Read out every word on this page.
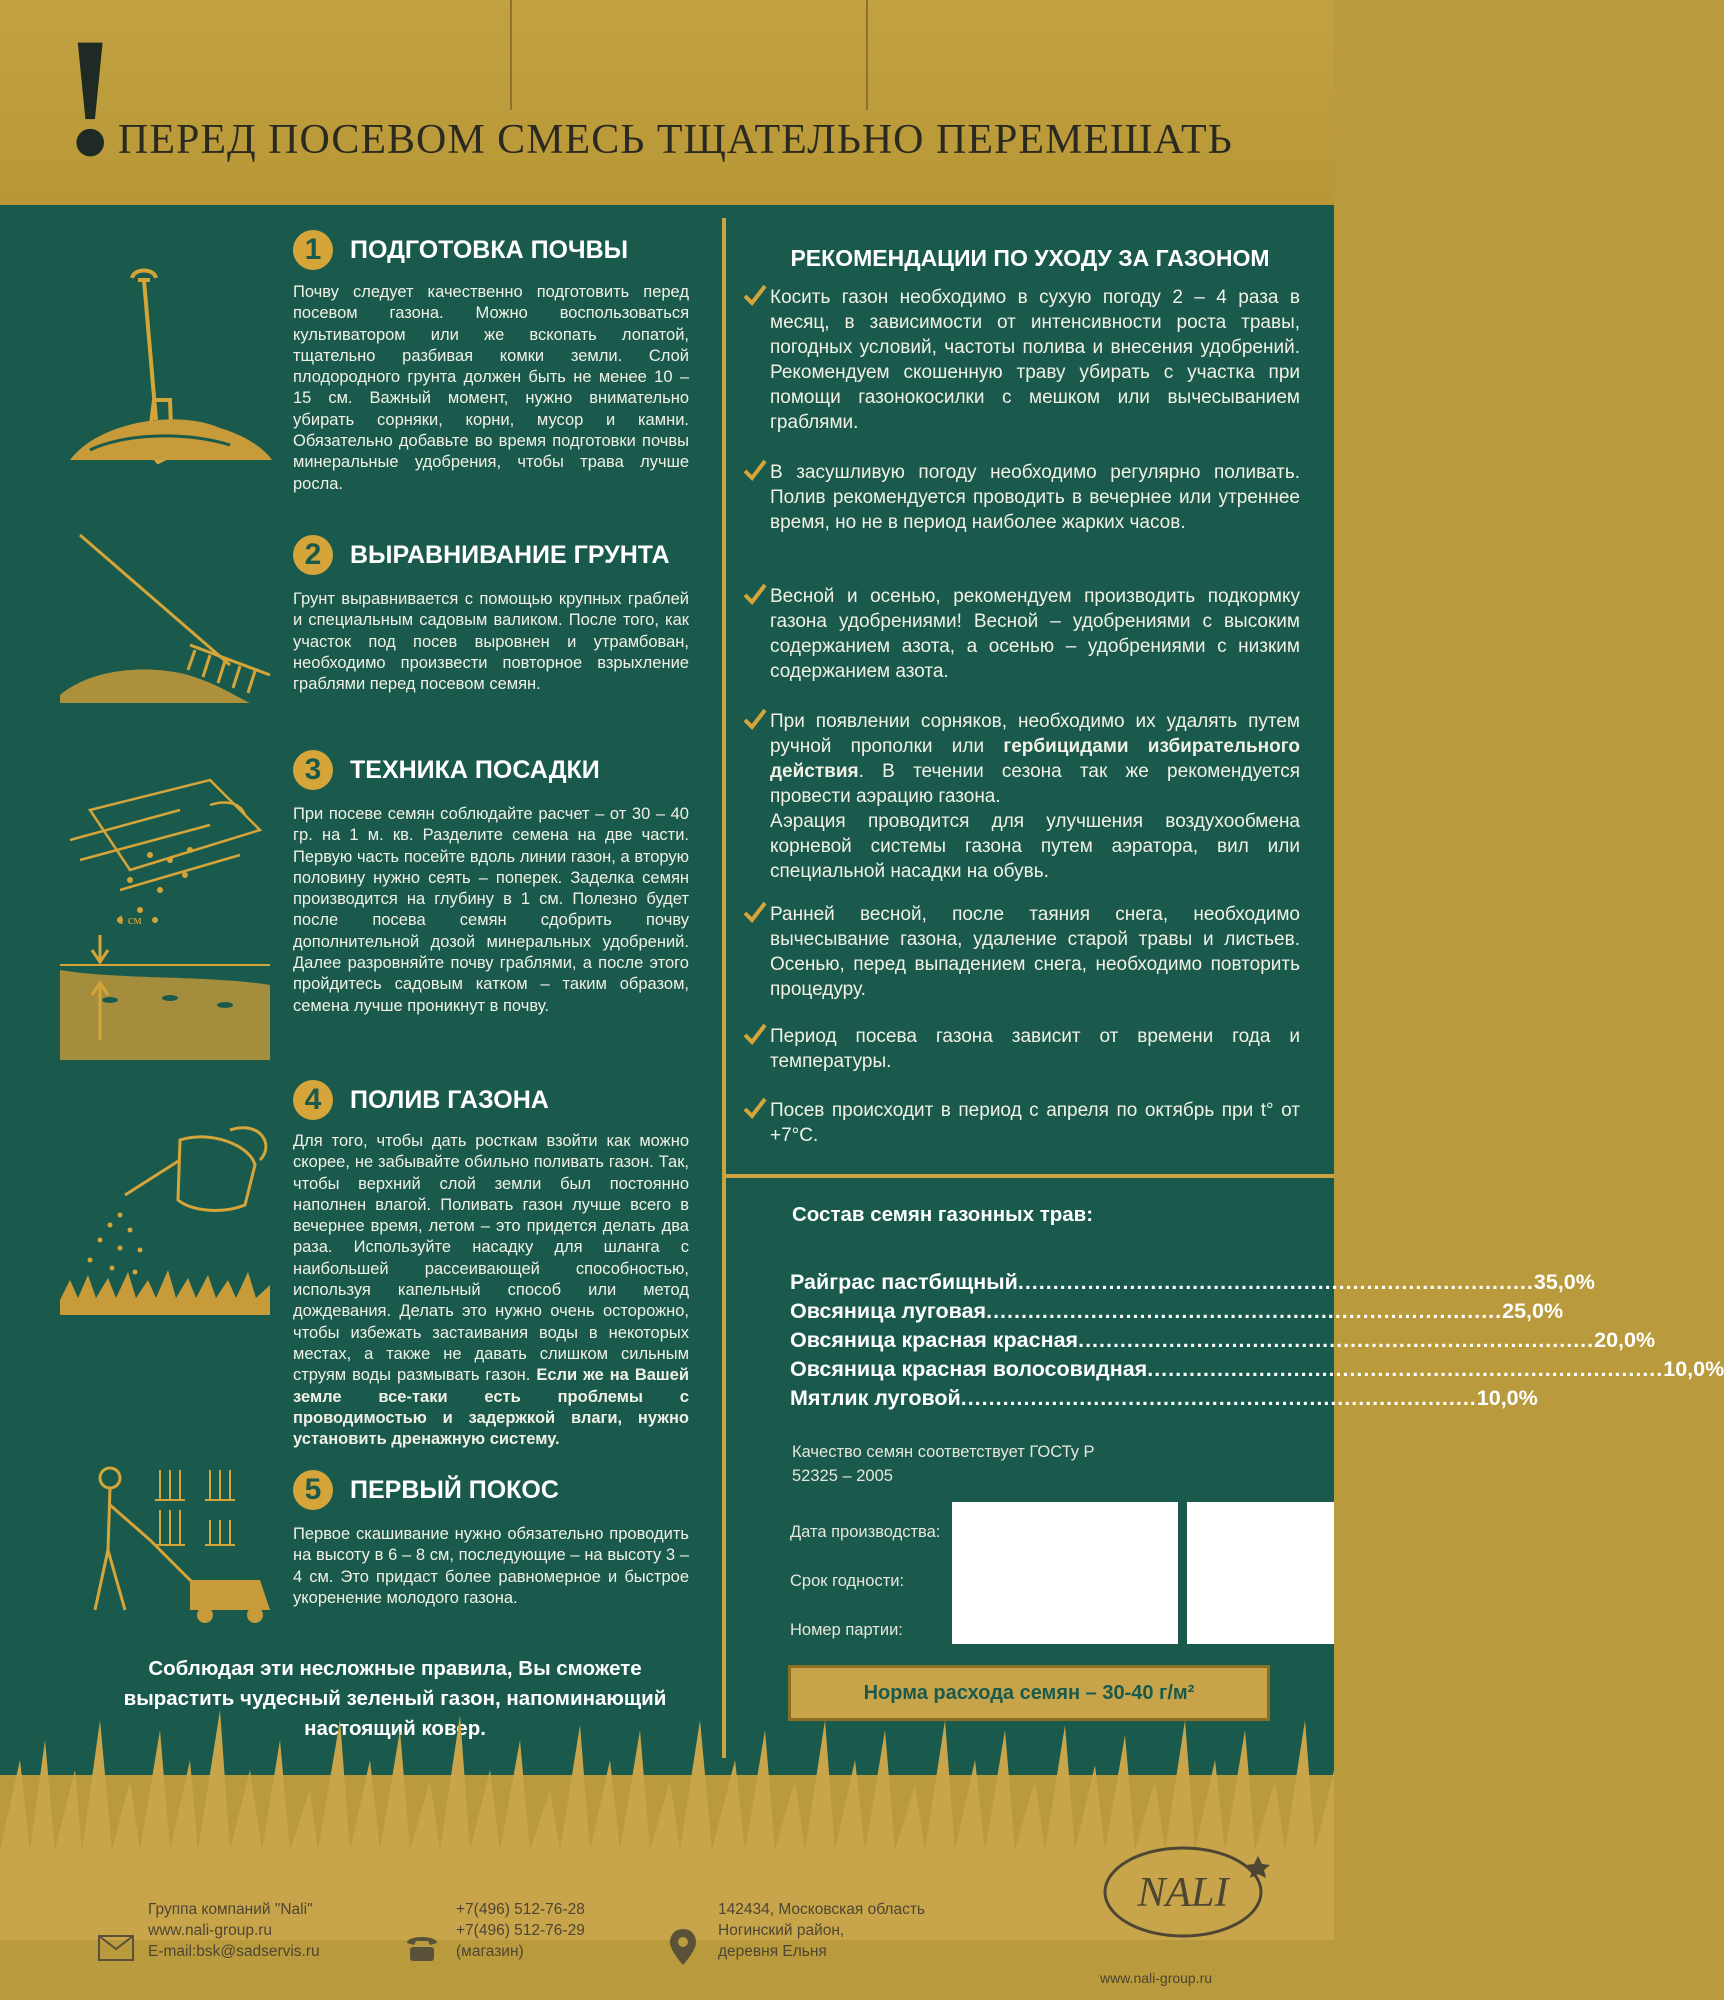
! ПЕРЕД ПОСЕВОМ СМЕСЬ ТЩАТЕЛЬНО ПЕРЕМЕШАТЬ
1	ПОДГОТОВКА ПОЧВЫ
Почву следует качественно подготовить перед посевом газона. Можно воспользоваться культиватором или же вскопать лопатой, тщательно разбивая комки земли. Слой плодородного грунта должен быть не менее 10 – 15 см. Важный момент, нужно внимательно убирать сорняки, корни, мусор и камни. Обязательно добавьте во время подготовки почвы минеральные удобрения, чтобы трава лучше росла.
2	ВЫРАВНИВАНИЕ ГРУНТА
Грунт выравнивается с помощью крупных граблей и специальным садовым валиком. После того, как участок под посев выровнен и утрамбован, необходимо произвести повторное взрыхление граблями перед посевом семян.
1 см
3	ТЕХНИКА ПОСАДКИ
При посеве семян соблюдайте расчет – от 30 – 40 гр. на 1 м. кв. Разделите семена на две части. Первую часть посейте вдоль линии газон, а вторую половину нужно сеять – поперек. Заделка семян производится на глубину в 1 см. Полезно будет после посева семян сдобрить почву дополнительной дозой минеральных удобрений. Далее разровняйте почву граблями, а после этого пройдитесь садовым катком – таким образом, семена лучше проникнут в почву.
4	ПОЛИВ ГАЗОНА
Для того, чтобы дать росткам взойти как можно скорее, не забывайте обильно поливать газон. Так, чтобы верхний слой земли был постоянно наполнен влагой. Поливать газон лучше всего в вечернее время, летом – это придется делать два раза. Используйте насадку для шланга с наибольшей рассеивающей способностью, используя капельный способ или метод дождевания. Делать это нужно очень осторожно, чтобы избежать застаивания воды в некоторых местах, а также не давать слишком сильным струям воды размывать газон. Если же на Вашей земле все-таки есть проблемы с проводимостью и задержкой влаги, нужно установить дренажную систему.
5	ПЕРВЫЙ ПОКОС
Первое скашивание нужно обязательно проводить на высоту в 6 – 8 см, последующие – на высоту 3 – 4 см. Это придаст более равномерное и быстрое укоренение молодого газона.
Соблюдая эти несложные правила, Вы сможете вырастить чудесный зеленый газон, напоминающий настоящий ковер.
РЕКОМЕНДАЦИИ ПО УХОДУ ЗА ГАЗОНОМ
Косить газон необходимо в сухую погоду 2 – 4 раза в месяц, в зависимости от интенсивности роста травы, погодных условий, частоты полива и внесения удобрений. Рекомендуем скошенную траву убирать с участка при помощи газонокосилки с мешком или вычесыванием граблями.
В засушливую погоду необходимо регулярно поливать. Полив рекомендуется проводить в вечернее или утреннее время, но не в период наиболее жарких часов.
Весной и осенью, рекомендуем производить подкормку газона удобрениями! Весной – удобрениями с высоким содержанием азота, а осенью – удобрениями с низким содержанием азота.
При появлении сорняков, необходимо их удалять путем ручной прополки или гербицидами избирательного действия. В течении сезона так же рекомендуется провести аэрацию газона.
Аэрация проводится для улучшения воздухообмена корневой системы газона путем аэратора, вил или специальной насадки на обувь.
Ранней весной, после таяния снега, необходимо вычесывание газона, удаление старой травы и листьев. Осенью, перед выпадением снега, необходимо повторить процедуру.
Период посева газона зависит от времени года и температуры.
Посев происходит в период с апреля по октябрь при t° от +7°С.
Состав семян газонных трав:
Райграс пастбищный .......................................................................... 35,0%
Овсяница луговая .......................................................................... 25,0%
Овсяница красная красная .......................................................................... 20,0%
Овсяница красная волосовидная .......................................................................... 10,0%
Мятлик луговой .......................................................................... 10,0%
Качество семян соответствует ГОСТу Р 52325 – 2005
Дата производства:
Срок годности:
Номер партии:
Норма расхода семян – 30-40 г/м²
Группа компаний "Nali"
www.nali-group.ru
E-mail:bsk@sadservis.ru
+7(496) 512-76-28
+7(496) 512-76-29
(магазин)
142434, Московская область
Ногинский район,
деревня Ельня
NALI
www.nali-group.ru
